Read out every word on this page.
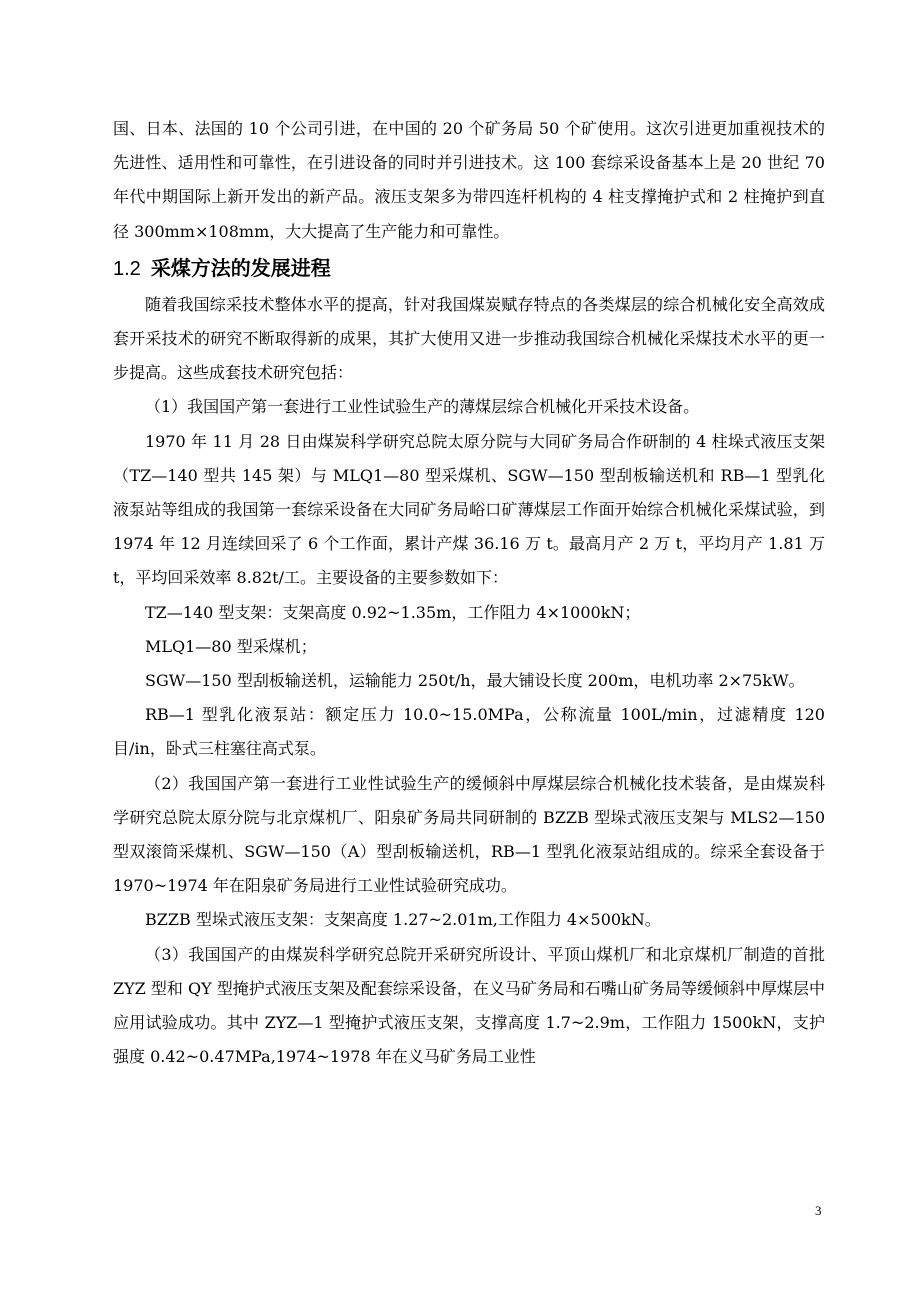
国、日本、法国的 10 个公司引进，在中国的 20 个矿务局 50 个矿使用。这次引进更加重视技术的先进性、适用性和可靠性，在引进设备的同时并引进技术。这 100 套综采设备基本上是 20 世纪 70 年代中期国际上新开发出的新产品。液压支架多为带四连杆机构的 4 柱支撑掩护式和 2 柱掩护到直径 300mm×108mm，大大提高了生产能力和可靠性。

1.2 采煤方法的发展进程

随着我国综采技术整体水平的提高，针对我国煤炭赋存特点的各类煤层的综合机械化安全高效成套开采技术的研究不断取得新的成果，其扩大使用又进一步推动我国综合机械化采煤技术水平的更一步提高。这些成套技术研究包括：

（1）我国国产第一套进行工业性试验生产的薄煤层综合机械化开采技术设备。

1970 年 11 月 28 日由煤炭科学研究总院太原分院与大同矿务局合作研制的 4 柱垛式液压支架（TZ—140 型共 145 架）与 MLQ1—80 型采煤机、SGW—150 型刮板输送机和 RB—1 型乳化液泵站等组成的我国第一套综采设备在大同矿务局峪口矿薄煤层工作面开始综合机械化采煤试验，到 1974 年 12 月连续回采了 6 个工作面，累计产煤 36.16 万 t。最高月产 2 万 t，平均月产 1.81 万 t，平均回采效率 8.82t/工。主要设备的主要参数如下：

TZ—140 型支架：支架高度 0.92~1.35m，工作阻力 4×1000kN；

MLQ1—80 型采煤机；

SGW—150 型刮板输送机，运输能力 250t/h，最大铺设长度 200m，电机功率 2×75kW。

RB—1 型乳化液泵站：额定压力 10.0~15.0MPa，公称流量 100L/min，过滤精度 120 目/in，卧式三柱塞往高式泵。

（2）我国国产第一套进行工业性试验生产的缓倾斜中厚煤层综合机械化技术装备，是由煤炭科学研究总院太原分院与北京煤机厂、阳泉矿务局共同研制的 BZZB 型垛式液压支架与 MLS2—150 型双滚筒采煤机、SGW—150（A）型刮板输送机，RB—1 型乳化液泵站组成的。综采全套设备于 1970~1974 年在阳泉矿务局进行工业性试验研究成功。

BZZB 型垛式液压支架：支架高度 1.27~2.01m,工作阻力 4×500kN。

（3）我国国产的由煤炭科学研究总院开采研究所设计、平顶山煤机厂和北京煤机厂制造的首批 ZYZ 型和 QY 型掩护式液压支架及配套综采设备，在义马矿务局和石嘴山矿务局等缓倾斜中厚煤层中应用试验成功。其中 ZYZ—1 型掩护式液压支架，支撑高度 1.7~2.9m，工作阻力 1500kN，支护强度 0.42~0.47MPa,1974~1978 年在义马矿务局工业性

3
